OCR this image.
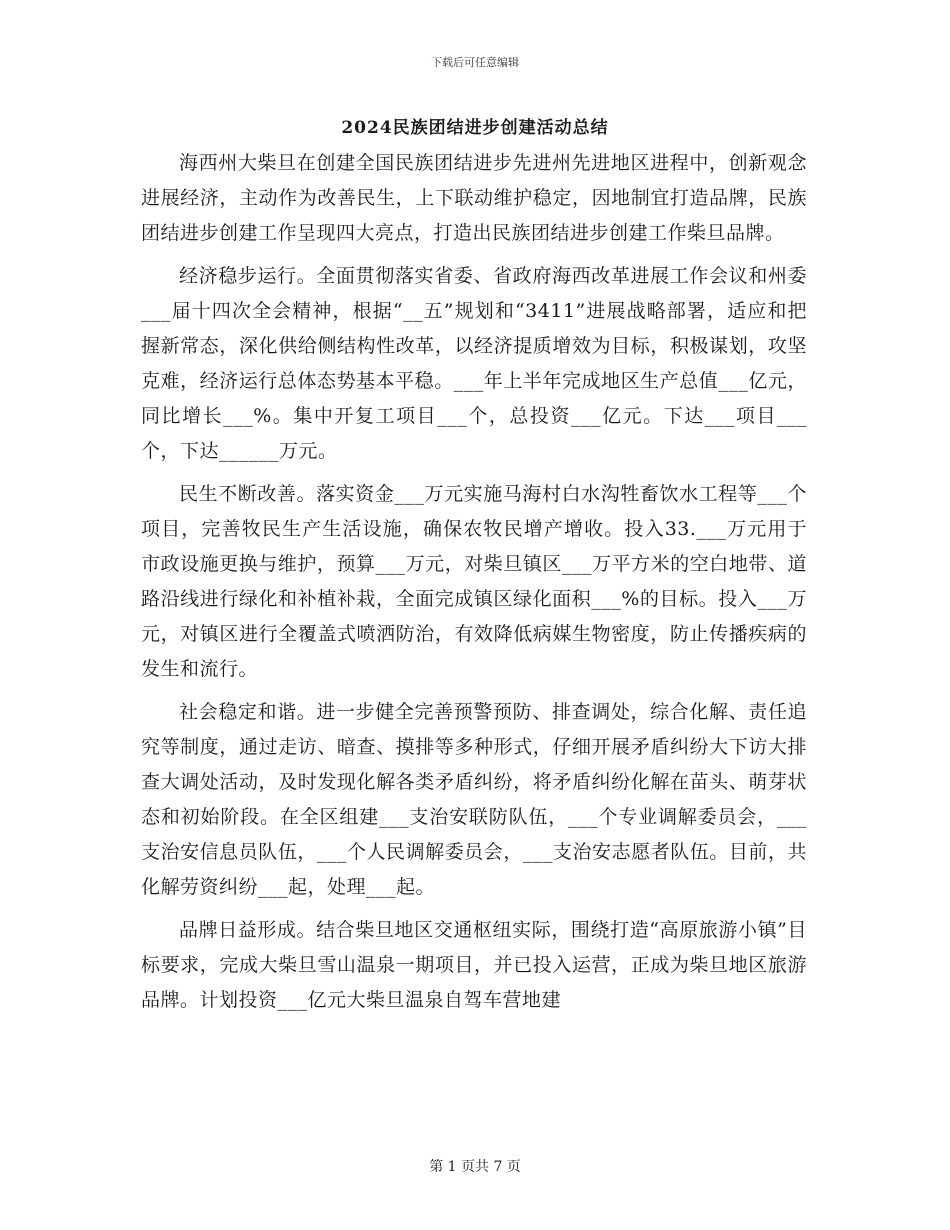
下载后可任意编辑
2024民族团结进步创建活动总结

海西州大柴旦在创建全国民族团结进步先进州先进地区进程中，创新观念进展经济，主动作为改善民生，上下联动维护稳定，因地制宜打造品牌，民族团结进步创建工作呈现四大亮点，打造出民族团结进步创建工作柴旦品牌。

经济稳步运行。全面贯彻落实省委、省政府海西改革进展工作会议和州委___届十四次全会精神，根据“__五”规划和“3411”进展战略部署，适应和把握新常态，深化供给侧结构性改革，以经济提质增效为目标，积极谋划，攻坚克难，经济运行总体态势基本平稳。___年上半年完成地区生产总值___亿元，同比增长___%。集中开复工项目___个，总投资___亿元。下达___项目___个，下达______万元。

民生不断改善。落实资金___万元实施马海村白水沟牲畜饮水工程等___个项目，完善牧民生产生活设施，确保农牧民增产增收。投入33.___万元用于市政设施更换与维护，预算___万元，对柴旦镇区___万平方米的空白地带、道路沿线进行绿化和补植补栽，全面完成镇区绿化面积___%的目标。投入___万元，对镇区进行全覆盖式喷洒防治，有效降低病媒生物密度，防止传播疾病的发生和流行。

社会稳定和谐。进一步健全完善预警预防、排查调处，综合化解、责任追究等制度，通过走访、暗查、摸排等多种形式，仔细开展矛盾纠纷大下访大排查大调处活动，及时发现化解各类矛盾纠纷，将矛盾纠纷化解在苗头、萌芽状态和初始阶段。在全区组建___支治安联防队伍，___个专业调解委员会，___支治安信息员队伍，___个人民调解委员会，___支治安志愿者队伍。目前，共化解劳资纠纷___起，处理___起。

品牌日益形成。结合柴旦地区交通枢纽实际，围绕打造“高原旅游小镇”目标要求，完成大柴旦雪山温泉一期项目，并已投入运营，正成为柴旦地区旅游品牌。计划投资___亿元大柴旦温泉自驾车营地建

第 1 页共 7 页
